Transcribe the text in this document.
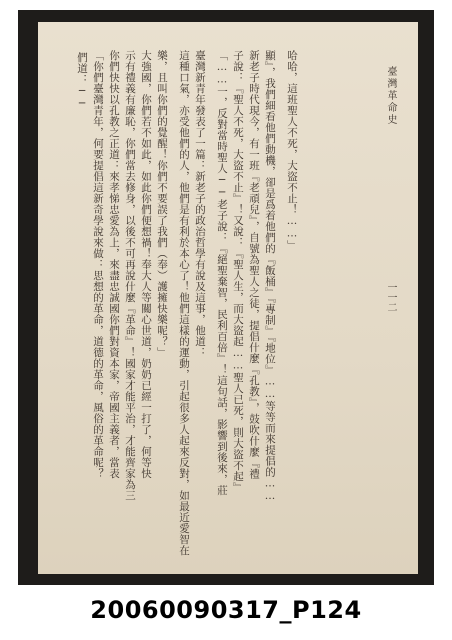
臺灣革命史
一一二
們道：── 「你們臺灣青年，何要提倡這新奇學說來做：思想的革命，道德的革命，風俗的革命呢？ 你們快快以孔教之正道：來孝悌忠愛為上，來盡忠誠國你們對資本家，帝國主義者，當表 示有禮義有廉恥，你們當去修身，以後不可再說什麼『革命』！國家才能平治，才能齊家為三 大強國，你們若不如此，如此你們便想禍！奉大人等關心世道，奶奶已經一打了，何等快 樂，且叫你們的覺醒！你們不要誤了我們（奉）護擁快樂呢？」 這種口氣，亦受他們的人，他們是有利於本心了！他們這樣的運動，引起很多人起來反對，如最近愛智在 臺灣新青年發表了一篇：新老子的政治哲學有說及這事，他道： 「……一，反對當時聖人──老子說：『絕聖棄智，民利百倍』！這句話，影響到後來，莊 子說：『聖人不死，大盜不止』！又說：『聖人生，而大盜起……聖人已死，則大盜不起』 新老子時代現今，有一班『老頑兒』，自號為聖人之徒，提倡什麼『孔教』，鼓吹什麼『禮 顯』，我們細看他們動機，卻是爲着他們的『飯桶』『專制』『地位』……等等而來提倡的…… 哈哈，這班聖人不死，大盜不止！……」
20060090317_P124
